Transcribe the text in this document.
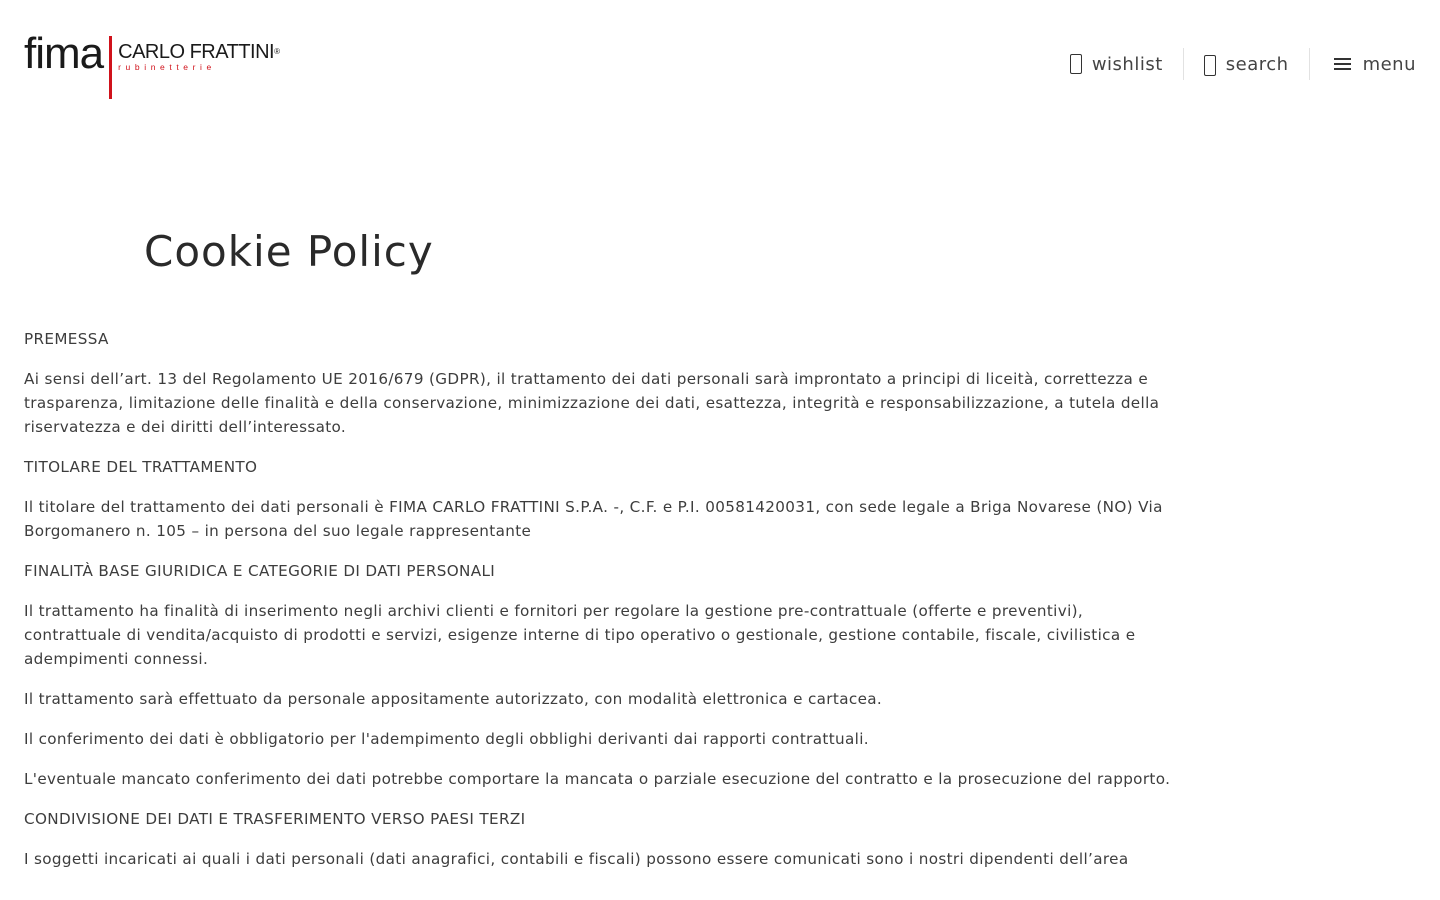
fima CARLO FRATTINI®
rubinetterie	wishlist	search	menu
Cookie Policy

PREMESSA

Ai sensi dell’art. 13 del Regolamento UE 2016/679 (GDPR), il trattamento dei dati personali sarà improntato a principi di liceità, correttezza e trasparenza, limitazione delle finalità e della conservazione, minimizzazione dei dati, esattezza, integrità e responsabilizzazione, a tutela della riservatezza e dei diritti dell’interessato.

TITOLARE DEL TRATTAMENTO

Il titolare del trattamento dei dati personali è FIMA CARLO FRATTINI S.P.A. -, C.F. e P.I. 00581420031, con sede legale a Briga Novarese (NO) Via Borgomanero n. 105 – in persona del suo legale rappresentante

FINALITÀ BASE GIURIDICA E CATEGORIE DI DATI PERSONALI

Il trattamento ha finalità di inserimento negli archivi clienti e fornitori per regolare la gestione pre-contrattuale (offerte e preventivi), contrattuale di vendita/acquisto di prodotti e servizi, esigenze interne di tipo operativo o gestionale, gestione contabile, fiscale, civilistica e adempimenti connessi.

Il trattamento sarà effettuato da personale appositamente autorizzato, con modalità elettronica e cartacea.

Il conferimento dei dati è obbligatorio per l'adempimento degli obblighi derivanti dai rapporti contrattuali.

L'eventuale mancato conferimento dei dati potrebbe comportare la mancata o parziale esecuzione del contratto e la prosecuzione del rapporto.

CONDIVISIONE DEI DATI E TRASFERIMENTO VERSO PAESI TERZI

I soggetti incaricati ai quali i dati personali (dati anagrafici, contabili e fiscali) possono essere comunicati sono i nostri dipendenti dell’area
